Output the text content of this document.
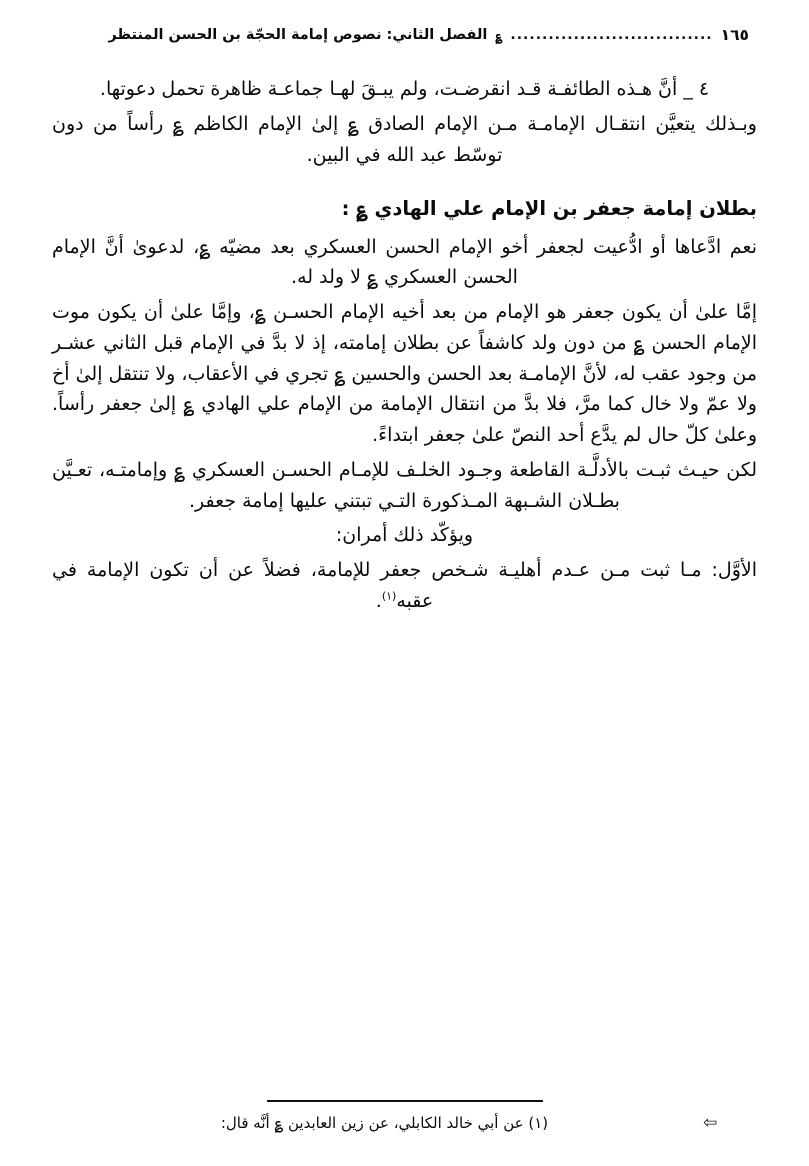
١٦٥
................................
؏
الفصل الثاني: نصوص إمامة الحجّة بن الحسن المنتظر

٤ _ أنَّ هـذه الطائفـة قـد انقرضـت، ولم يبـقَ لهـا جماعـة ظاهرة تحمل دعوتها.

وبـذلك يتعيَّن انتقـال الإمامـة مـن الإمام الصادق ؏ إلىٰ الإمام الكاظم ؏ رأساً من دون توسّط عبد الله في البين.

بطلان إمامة جعفر بن الإمام علي الهادي ؏ :

نعم ادَّعاها أو ادُّعيت لجعفر أخو الإمام الحسن العسكري بعد مضيّه ؏، لدعوىٰ أنَّ الإمام الحسن العسكري ؏ لا ولد له.

إمَّا علىٰ أن يكون جعفر هو الإمام من بعد أخيه الإمام الحسـن ؏، وإمَّا علىٰ أن يكون موت الإمام الحسن ؏ من دون ولد كاشفاً عن بطلان إمامته، إذ لا بدَّ في الإمام قبل الثاني عشـر من وجود عقب له، لأنَّ الإمامـة بعد الحسن والحسين ؏ تجري في الأعقاب، ولا تنتقل إلىٰ أخ ولا عمّ ولا خال كما مرَّ، فلا بدَّ من انتقال الإمامة من الإمام علي الهادي ؏ إلىٰ جعفر رأساً. وعلىٰ كلّ حال لم يدَّع أحد النصّ علىٰ جعفر ابتداءً.

لكن حيـث ثبـت بالأدلَّـة القاطعة وجـود الخلـف للإمـام الحسـن العسكري ؏ وإمامتـه، تعـيَّن بطـلان الشـبهة المـذكورة التـي تبتني عليها إمامة جعفر.

ويؤكّد ذلك أمران:

الأوَّل: مـا ثبت مـن عـدم أهليـة شـخص جعفر للإمامة، فضلاً عن أن تكون الإمامة في عقبه$^{(١)}$.

⇦
(١) عن أبي خالد الكابلي، عن زين العابدين ؏ أنَّه قال:
